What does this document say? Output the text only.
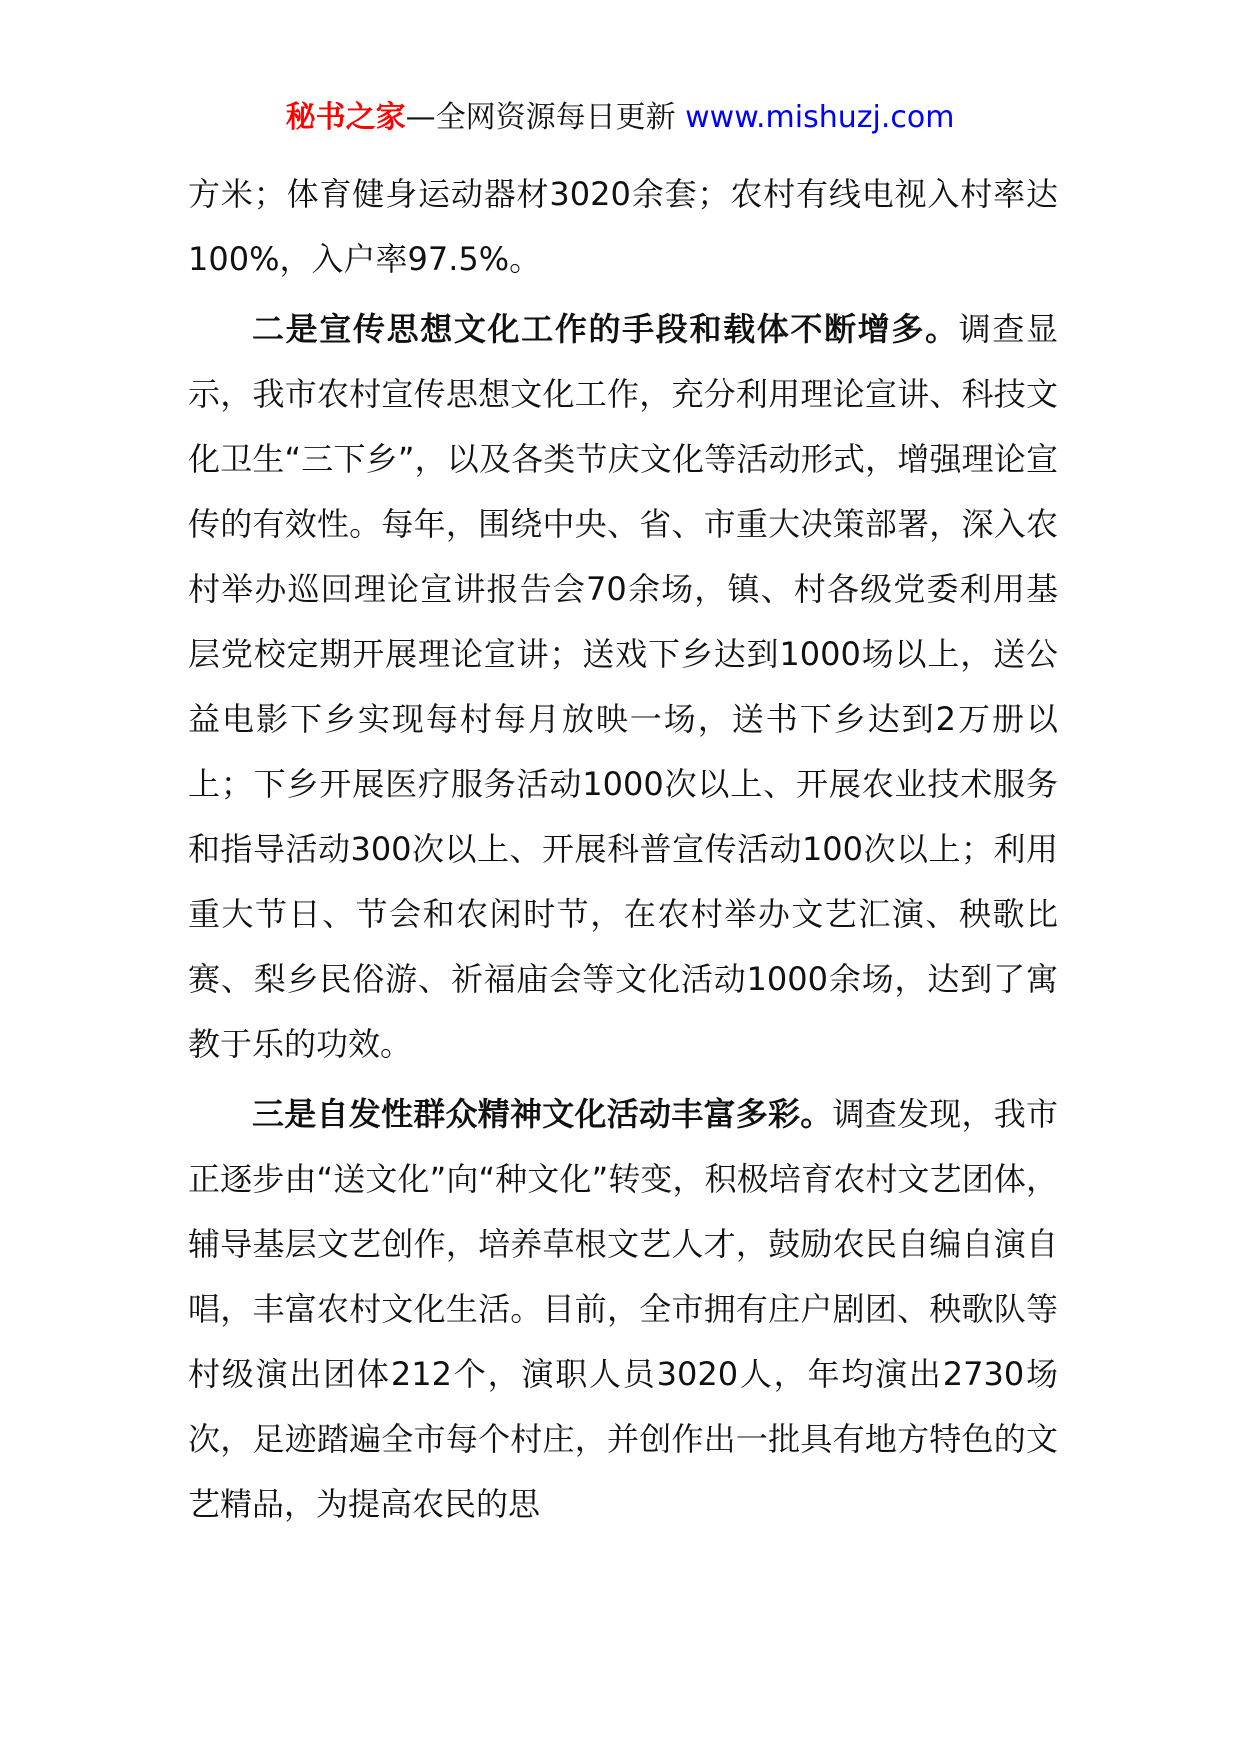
秘书之家—全网资源每日更新 www.mishuzj.com

方米；体育健身运动器材3020余套；农村有线电视入村率达100%，入户率97.5%。

二是宣传思想文化工作的手段和载体不断增多。调查显示，我市农村宣传思想文化工作，充分利用理论宣讲、科技文化卫生“三下乡”，以及各类节庆文化等活动形式，增强理论宣传的有效性。每年，围绕中央、省、市重大决策部署，深入农村举办巡回理论宣讲报告会70余场，镇、村各级党委利用基层党校定期开展理论宣讲；送戏下乡达到1000场以上，送公益电影下乡实现每村每月放映一场，送书下乡达到2万册以上；下乡开展医疗服务活动1000次以上、开展农业技术服务和指导活动300次以上、开展科普宣传活动100次以上；利用重大节日、节会和农闲时节，在农村举办文艺汇演、秧歌比赛、梨乡民俗游、祈福庙会等文化活动1000余场，达到了寓教于乐的功效。

三是自发性群众精神文化活动丰富多彩。调查发现，我市正逐步由“送文化”向“种文化”转变，积极培育农村文艺团体，辅导基层文艺创作，培养草根文艺人才，鼓励农民自编自演自唱，丰富农村文化生活。目前，全市拥有庄户剧团、秧歌队等村级演出团体212个，演职人员3020人，年均演出2730场次，足迹踏遍全市每个村庄，并创作出一批具有地方特色的文艺精品，为提高农民的思
